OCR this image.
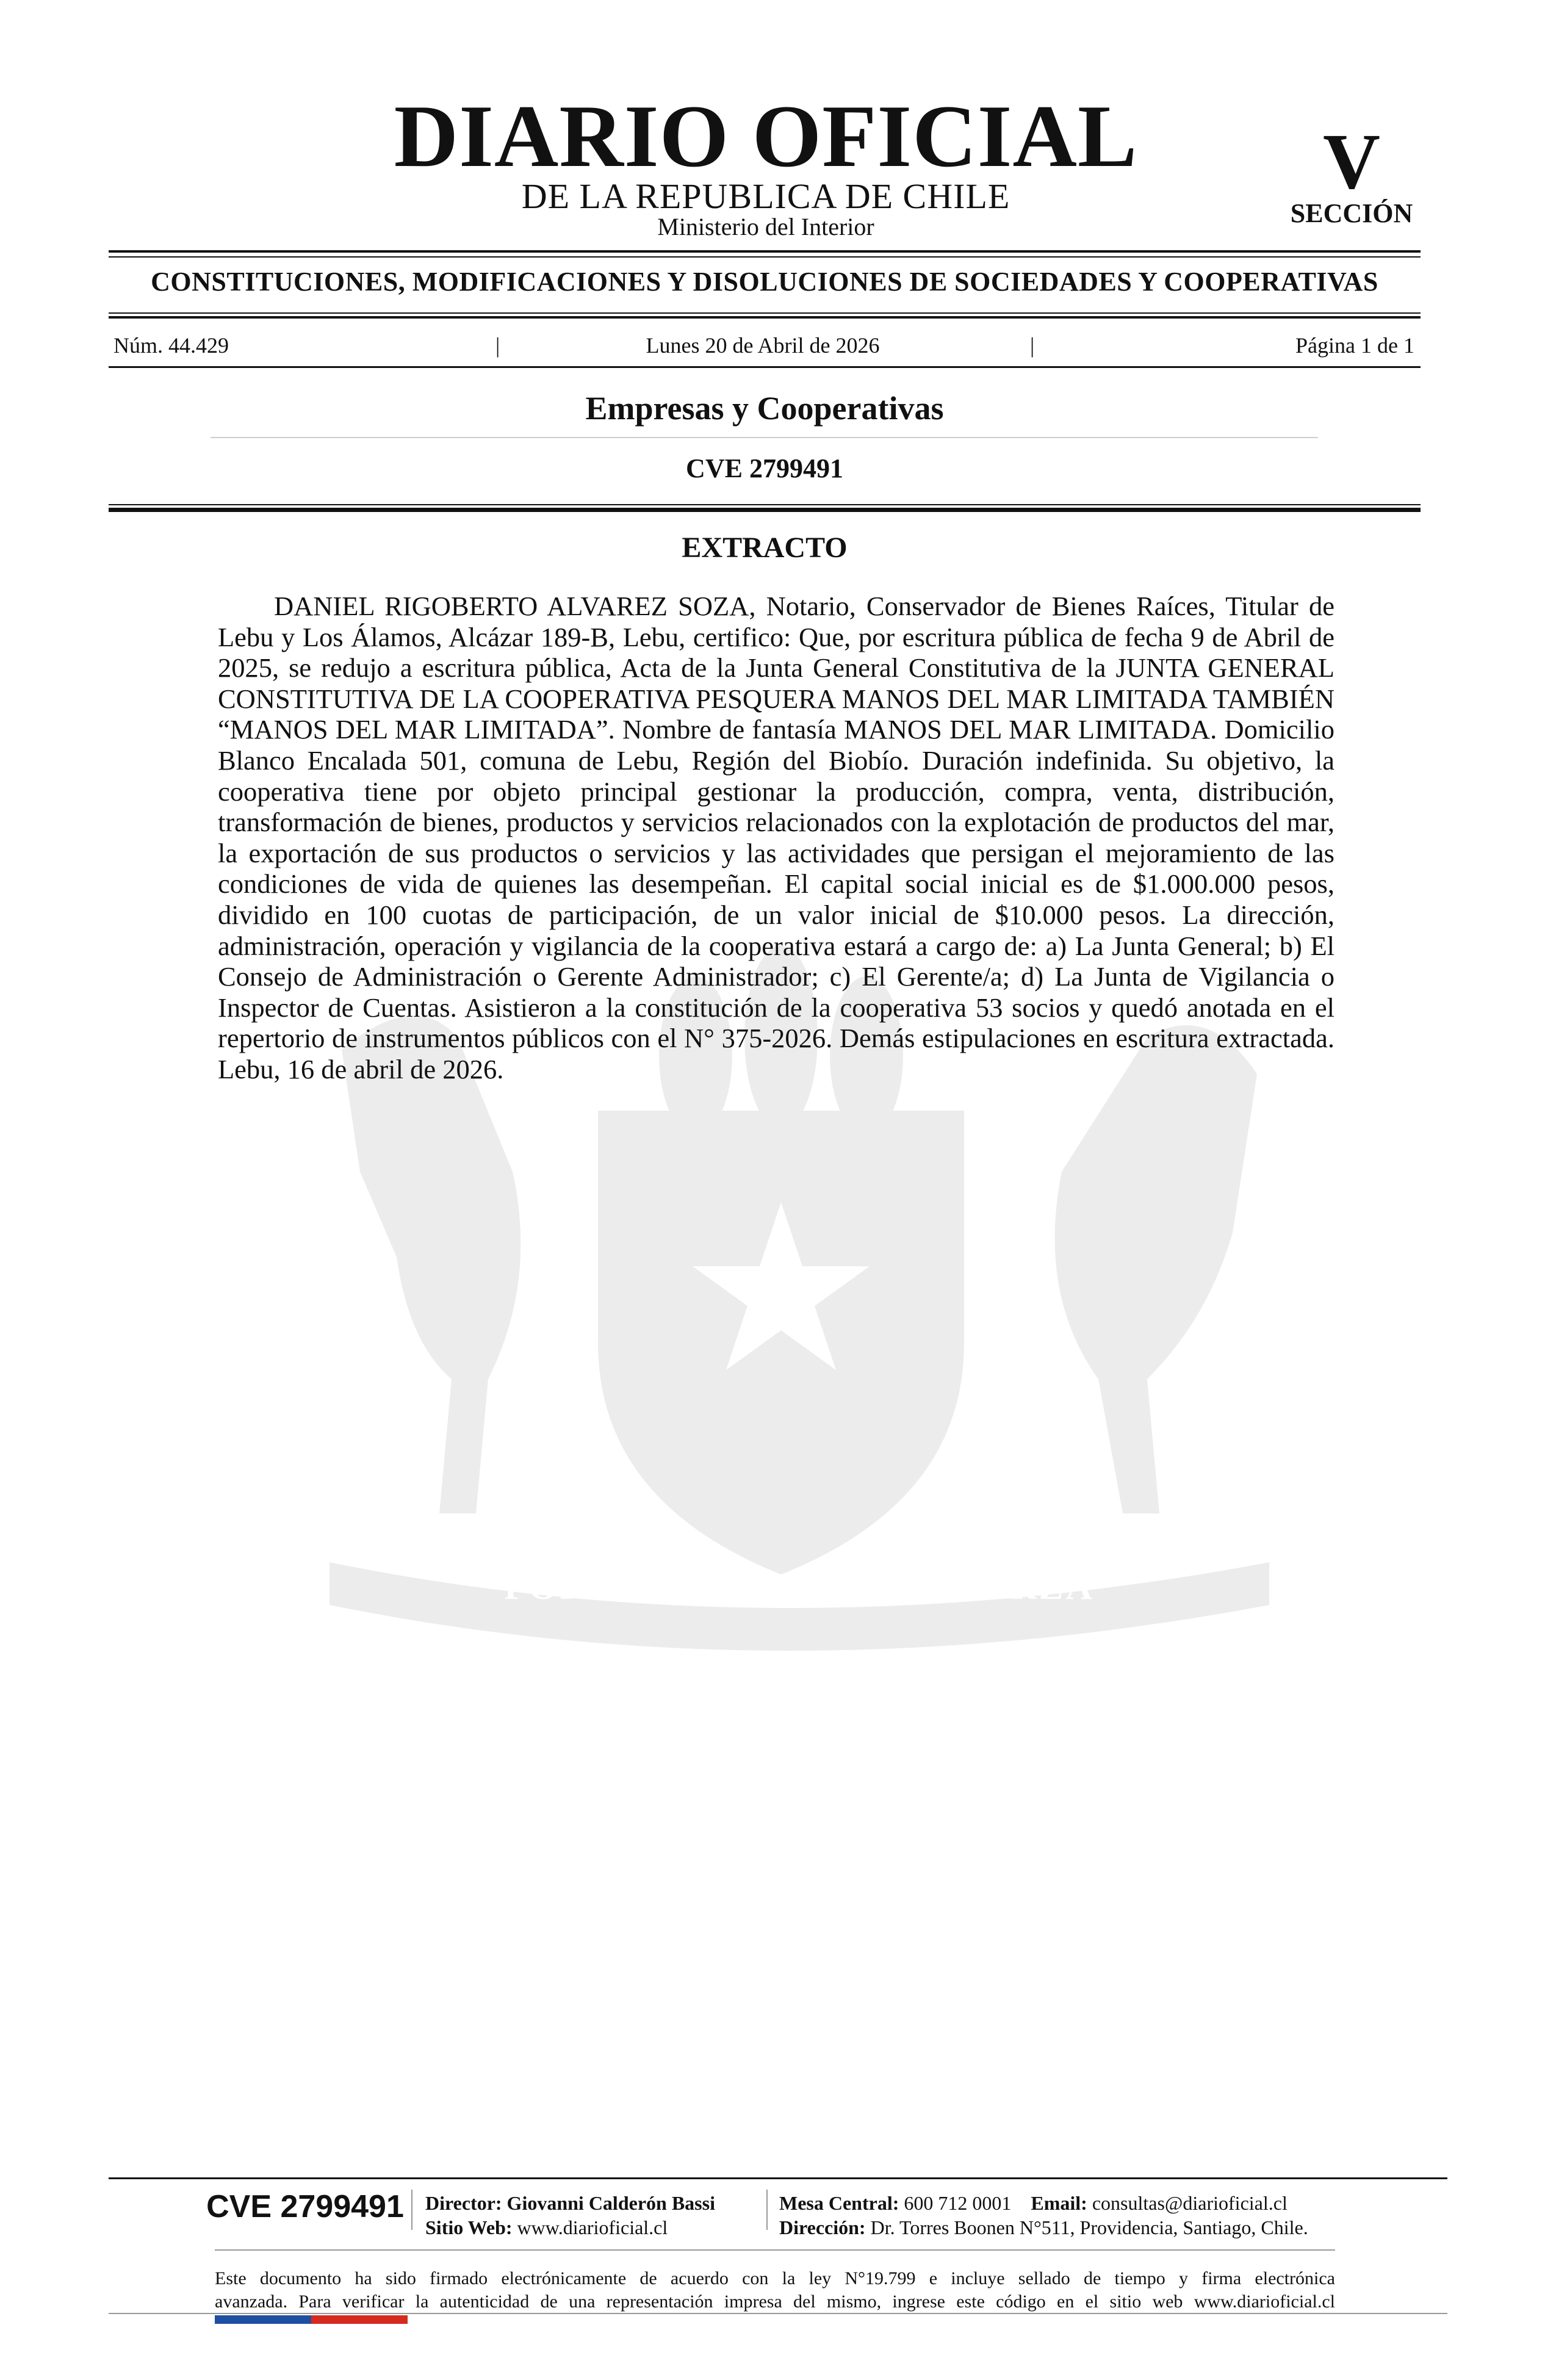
POR LA RAZON O LA FUERZA
DIARIO OFICIAL
DE LA REPUBLICA DE CHILE
Ministerio del Interior
V
SECCIÓN
CONSTITUCIONES, MODIFICACIONES Y DISOLUCIONES DE SOCIEDADES Y COOPERATIVAS
Núm. 44.429	|	Lunes 20 de Abril de 2026	|	Página 1 de 1
Empresas y Cooperativas
CVE 2799491
EXTRACTO

DANIEL RIGOBERTO ALVAREZ SOZA, Notario, Conservador de Bienes Raíces, Titular de Lebu y Los Álamos, Alcázar 189-B, Lebu, certifico: Que, por escritura pública de fecha 9 de Abril de 2025, se redujo a escritura pública, Acta de la Junta General Constitutiva de la JUNTA GENERAL CONSTITUTIVA DE LA COOPERATIVA PESQUERA MANOS DEL MAR LIMITADA TAMBIÉN “MANOS DEL MAR LIMITADA”. Nombre de fantasía MANOS DEL MAR LIMITADA. Domicilio Blanco Encalada 501, comuna de Lebu, Región del Biobío. Duración indefinida. Su objetivo, la cooperativa tiene por objeto principal gestionar la producción, compra, venta, distribución, transformación de bienes, productos y servicios relacionados con la explotación de productos del mar, la exportación de sus productos o servicios y las actividades que persigan el mejoramiento de las condiciones de vida de quienes las desempeñan. El capital social inicial es de $1.000.000 pesos, dividido en 100 cuotas de participación, de un valor inicial de $10.000 pesos. La dirección, administración, operación y vigilancia de la cooperativa estará a cargo de: a) La Junta General; b) El Consejo de Administración o Gerente Administrador; c) El Gerente/a; d) La Junta de Vigilancia o Inspector de Cuentas. Asistieron a la constitución de la cooperativa 53 socios y quedó anotada en el repertorio de instrumentos públicos con el N° 375-2026. Demás estipulaciones en escritura extractada. Lebu, 16 de abril de 2026.

CVE 2799491 Director: Giovanni Calderón Bassi
Sitio Web: www.diarioficial.cl
Mesa Central: 600 712 0001 Email: consultas@diarioficial.cl
Dirección: Dr. Torres Boonen N°511, Providencia, Santiago, Chile.
Este documento ha sido firmado electrónicamente de acuerdo con la ley N°19.799 e incluye sellado de tiempo y firma electrónica
avanzada. Para verificar la autenticidad de una representación impresa del mismo, ingrese este código en el sitio web www.diarioficial.cl
